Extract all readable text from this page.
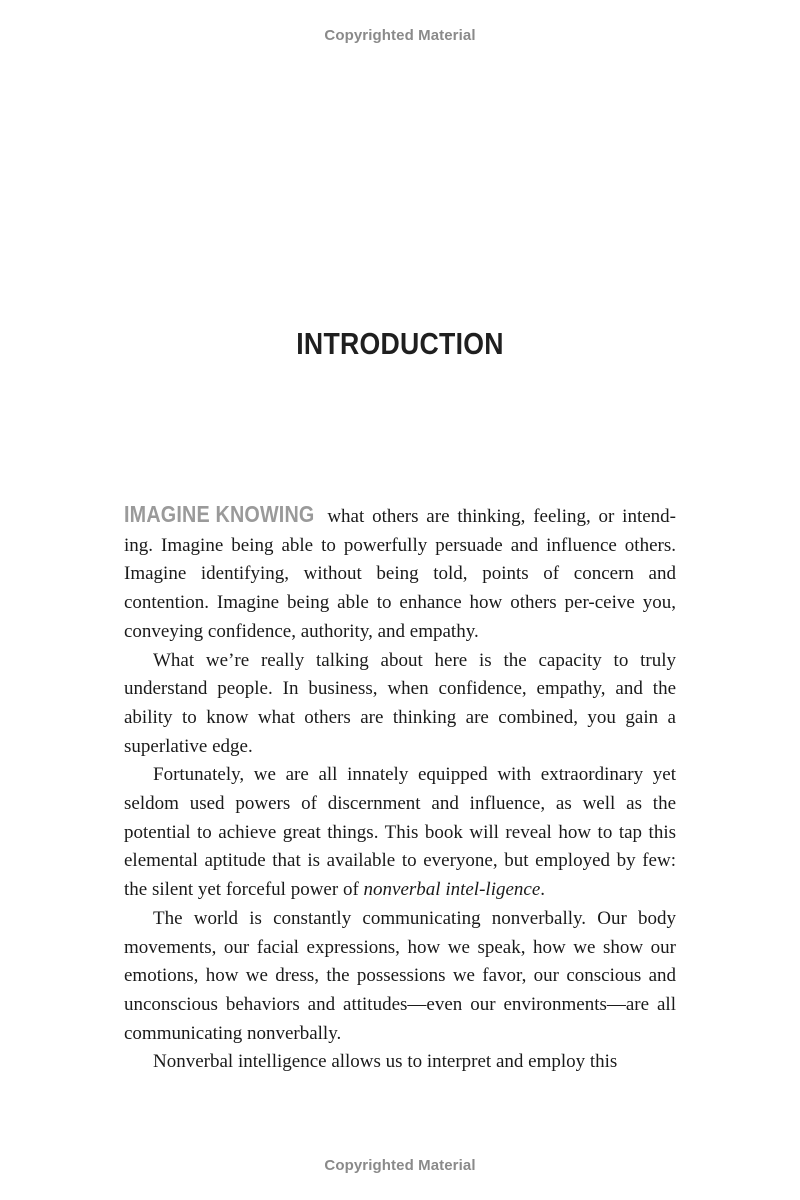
Copyrighted Material
INTRODUCTION

IMAGINE KNOWING what others are thinking, feeling, or intend-ing. Imagine being able to powerfully persuade and influence others. Imagine identifying, without being told, points of concern and contention. Imagine being able to enhance how others per-ceive you, conveying confidence, authority, and empathy.

What we’re really talking about here is the capacity to truly understand people. In business, when confidence, empathy, and the ability to know what others are thinking are combined, you gain a superlative edge.

Fortunately, we are all innately equipped with extraordinary yet seldom used powers of discernment and influence, as well as the potential to achieve great things. This book will reveal how to tap this elemental aptitude that is available to everyone, but employed by few: the silent yet forceful power of nonverbal intel-ligence.

The world is constantly communicating nonverbally. Our body movements, our facial expressions, how we speak, how we show our emotions, how we dress, the possessions we favor, our conscious and unconscious behaviors and attitudes—even our environments—are all communicating nonverbally.

Nonverbal intelligence allows us to interpret and employ this

Copyrighted Material
